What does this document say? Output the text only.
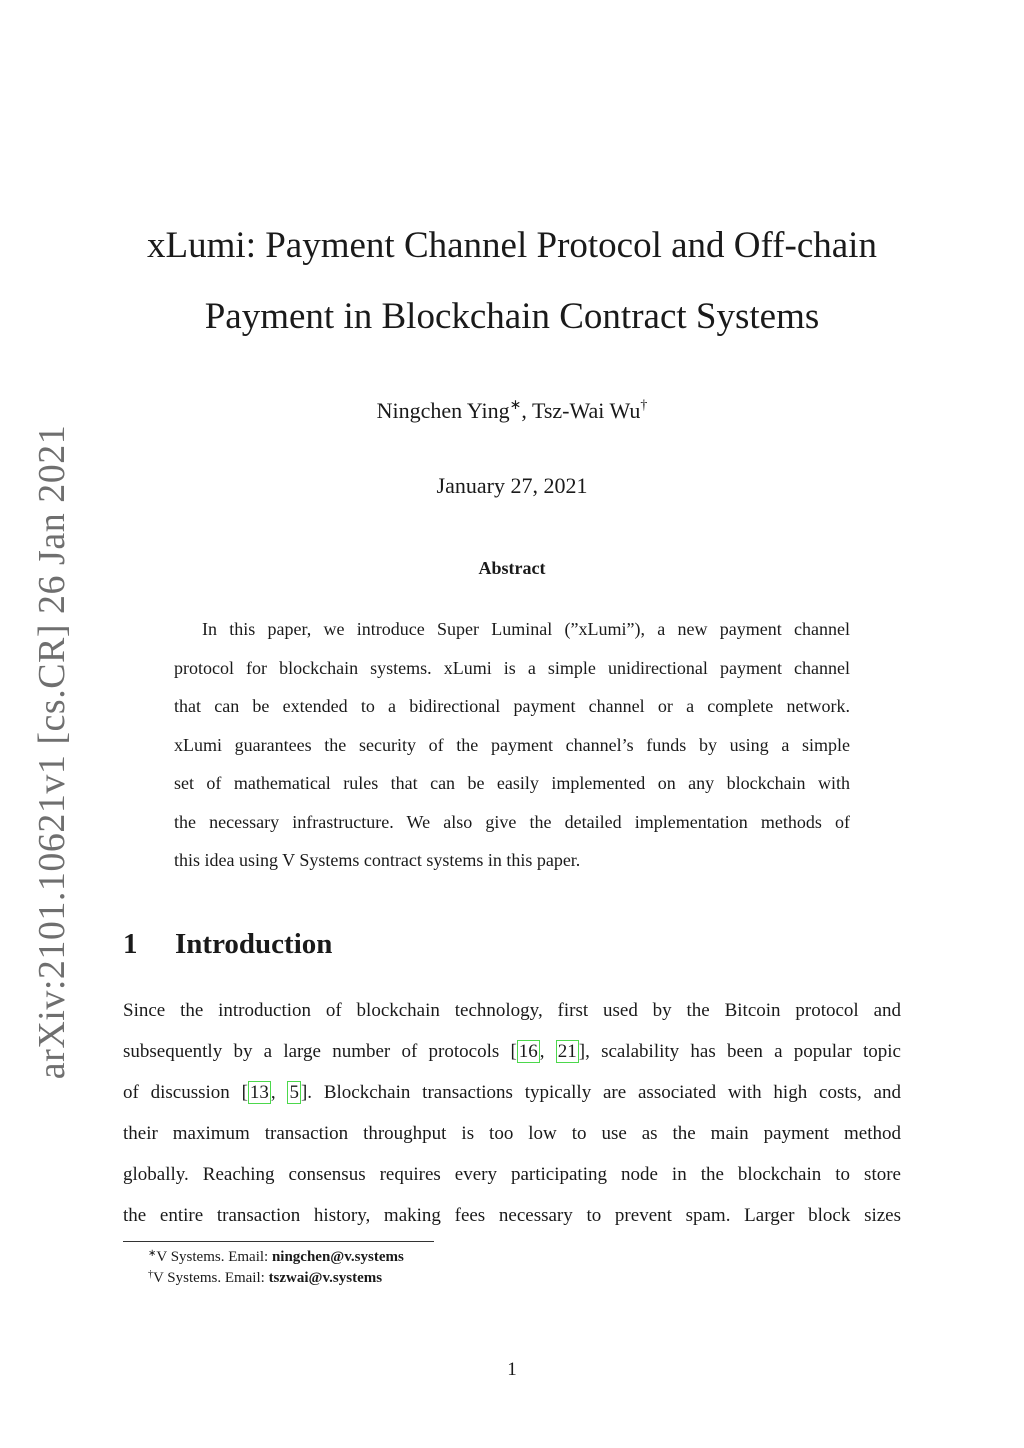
arXiv:2101.10621v1 [cs.CR] 26 Jan 2021
xLumi: Payment Channel Protocol and Off-chain
Payment in Blockchain Contract Systems
Ningchen Ying∗, Tsz-Wai Wu†
January 27, 2021
Abstract
In this paper, we introduce Super Luminal (”xLumi”), a new payment channel
protocol for blockchain systems. xLumi is a simple unidirectional payment channel
that can be extended to a bidirectional payment channel or a complete network.
xLumi guarantees the security of the payment channel’s funds by using a simple
set of mathematical rules that can be easily implemented on any blockchain with
the necessary infrastructure. We also give the detailed implementation methods of
this idea using V Systems contract systems in this paper.
1 Introduction
Since the introduction of blockchain technology, first used by the Bitcoin protocol and
subsequently by a large number of protocols [ 16 , 21 ], scalability has been a popular topic
of discussion [ 13 , 5 ]. Blockchain transactions typically are associated with high costs, and
their maximum transaction throughput is too low to use as the main payment method
globally. Reaching consensus requires every participating node in the blockchain to store
the entire transaction history, making fees necessary to prevent spam. Larger block sizes
∗V Systems. Email: ningchen@v.systems
†V Systems. Email: tszwai@v.systems
1
